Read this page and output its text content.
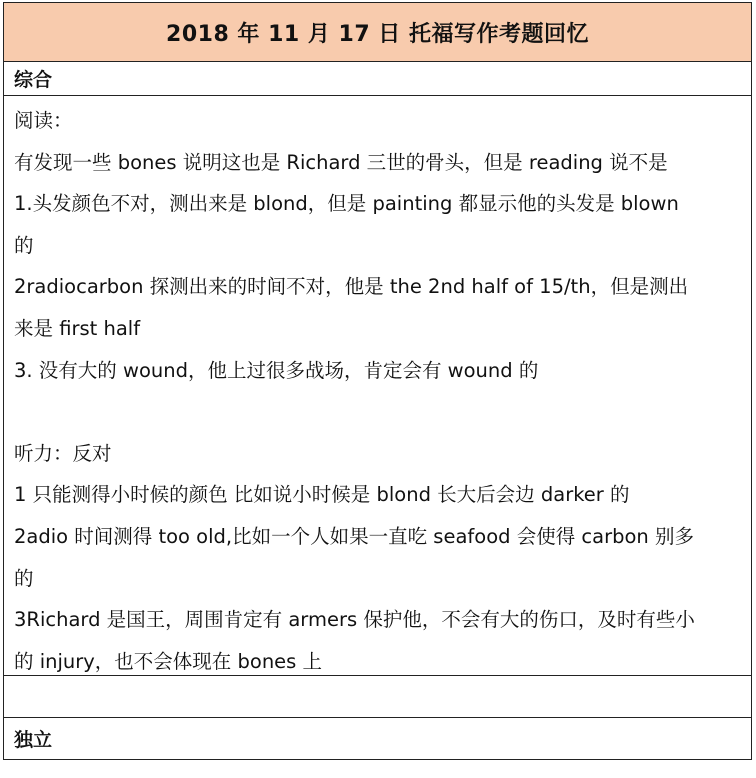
2018 年 11 月 17 日 托福写作考题回忆
综合
阅读：
有发现一些 bones 说明这也是 Richard 三世的骨头，但是 reading 说不是
1.头发颜色不对，测出来是 blond，但是 painting 都显示他的头发是 blown
的
2radiocarbon 探测出来的时间不对，他是 the 2nd half of 15/th，但是测出
来是 first half
3. 没有大的 wound，他上过很多战场，肯定会有 wound 的

听力：反对
1 只能测得小时候的颜色 比如说小时候是 blond 长大后会边 darker 的
2adio 时间测得 too old,比如一个人如果一直吃 seafood 会使得 carbon 别多
的
3Richard 是国王，周围肯定有 armers 保护他，不会有大的伤口，及时有些小
的 injury，也不会体现在 bones 上
独立
